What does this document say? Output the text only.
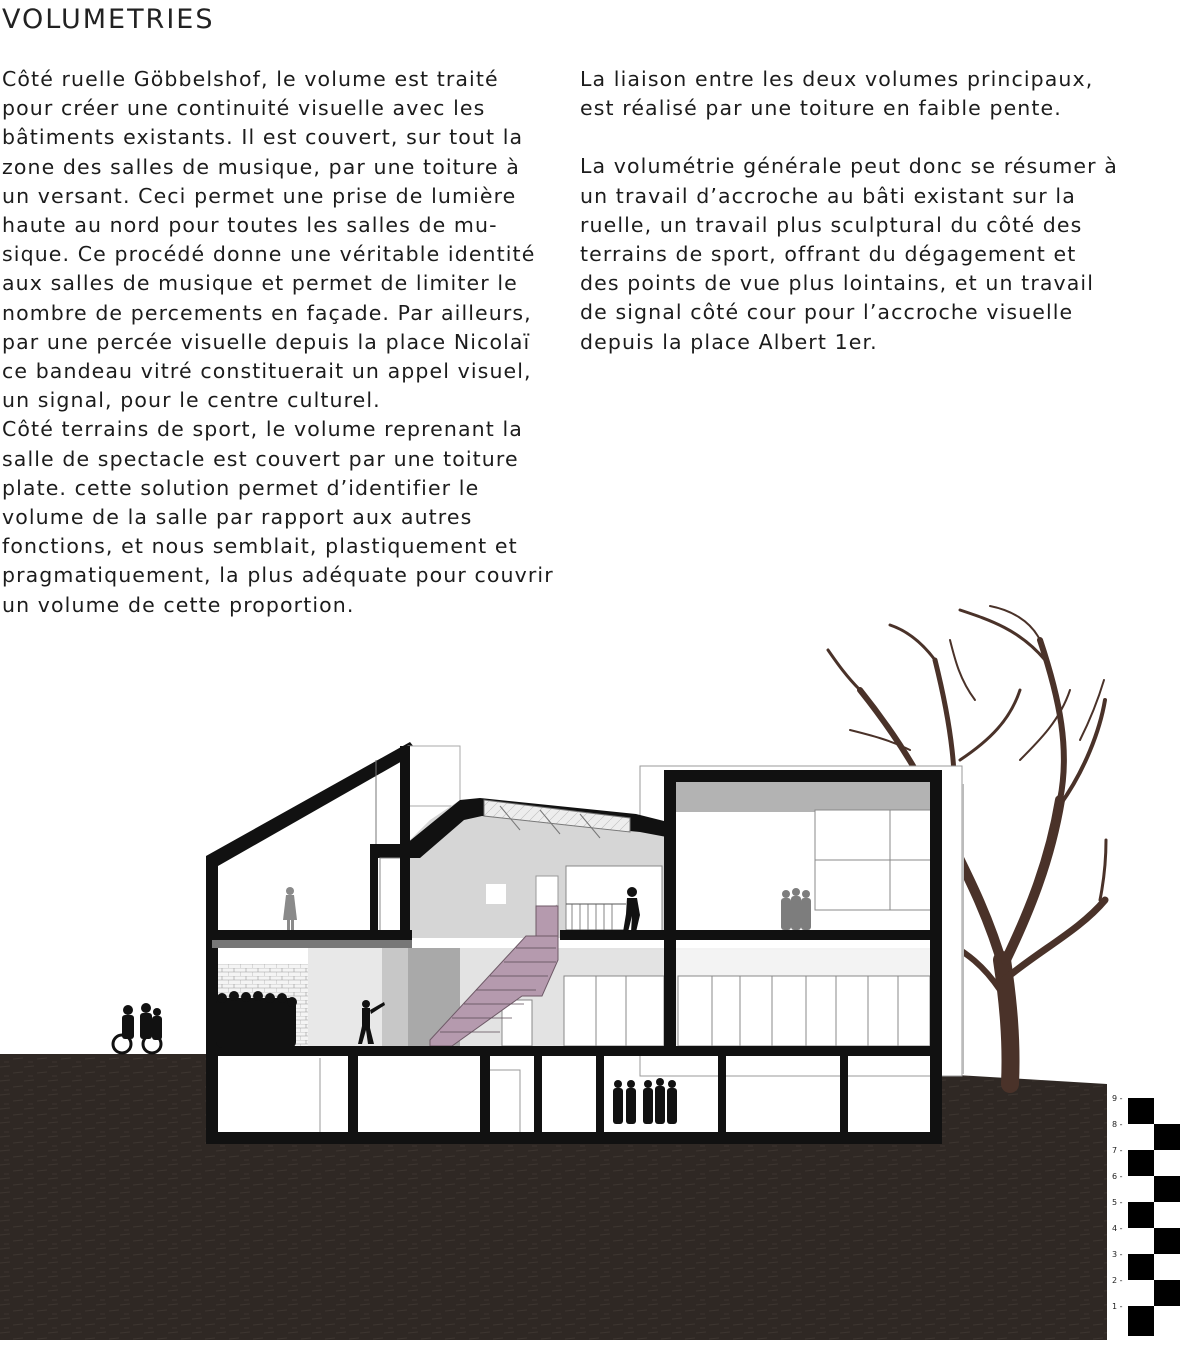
VOLUMETRIES

Côté ruelle Göbbelshof, le volume est traité

pour créer une continuité visuelle avec les

bâtiments existants. Il est couvert, sur tout la

zone des salles de musique, par une toiture à

un versant. Ceci permet une prise de lumière

haute au nord pour toutes les salles de mu-

sique. Ce procédé donne une véritable identité

aux salles de musique et permet de limiter le

nombre de percements en façade. Par ailleurs,

par une percée visuelle depuis la place Nicolaï

ce bandeau vitré constituerait un appel visuel,

un signal, pour le centre culturel.

Côté terrains de sport, le volume reprenant la

salle de spectacle est couvert par une toiture

plate. cette solution permet d’identifier le

volume de la salle par rapport aux autres

fonctions, et nous semblait, plastiquement et

pragmatiquement, la plus adéquate pour couvrir

un volume de cette proportion.

La liaison entre les deux volumes principaux,

est réalisé par une toiture en faible pente.

La volumétrie générale peut donc se résumer à

un travail d’accroche au bâti existant sur la

ruelle, un travail plus sculptural du côté des

terrains de sport, offrant du dégagement et

des points de vue plus lointains, et un travail

de signal côté cour pour l’accroche visuelle

depuis la place Albert 1er.

9 -
8 -
7 -
6 -
5 -
4 -
3 -
2 -
1 -
